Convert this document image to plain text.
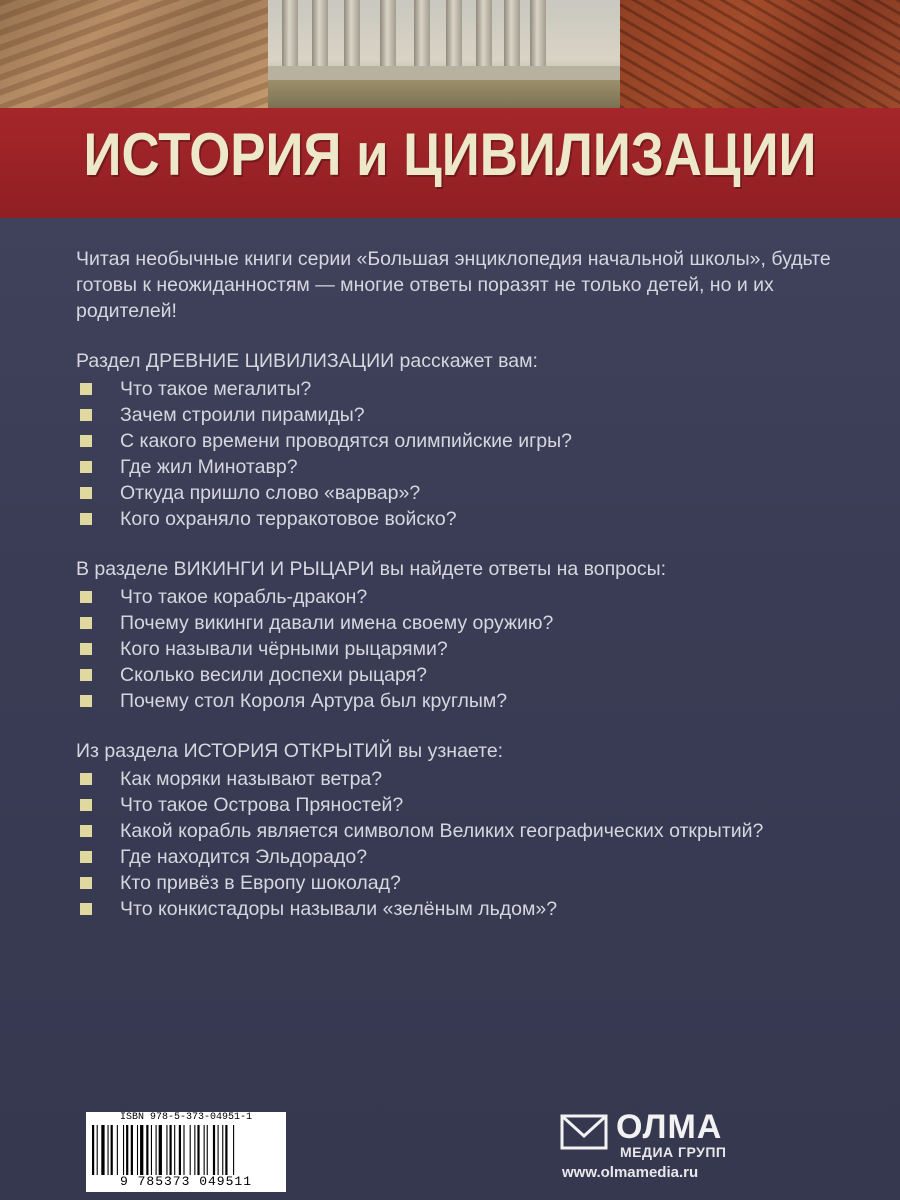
ИСТОРИЯ и ЦИВИЛИЗАЦИИ

Читая необычные книги серии «Большая энциклопедия начальной школы», будьте готовы к неожиданностям — многие ответы поразят не только детей, но и их родителей!

Раздел ДРЕВНИЕ ЦИВИЛИЗАЦИИ расскажет вам:

Что такое мегалиты?
Зачем строили пирамиды?
С какого времени проводятся олимпийские игры?
Где жил Минотавр?
Откуда пришло слово «варвар»?
Кого охраняло терракотовое войско?

В разделе ВИКИНГИ И РЫЦАРИ вы найдете ответы на вопросы:

Что такое корабль-дракон?
Почему викинги давали имена своему оружию?
Кого называли чёрными рыцарями?
Сколько весили доспехи рыцаря?
Почему стол Короля Артура был круглым?

Из раздела ИСТОРИЯ ОТКРЫТИЙ вы узнаете:

Как моряки называют ветра?
Что такое Острова Пряностей?
Какой корабль является символом Великих географических открытий?
Где находится Эльдорадо?
Кто привёз в Европу шоколад?
Что конкистадоры называли «зелёным льдом»?
ISBN 978-5-373-04951-1
9 785373 049511
ОЛМА
МЕДИА ГРУПП
www.olmamedia.ru
